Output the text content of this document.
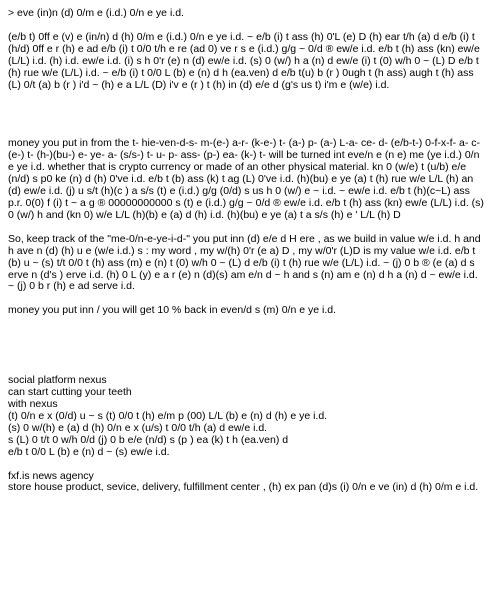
> eve (in)n (d) 0/m e (i.d.) 0/n e ye i.d.

(e/b t) 0ff e (v) e (in/n) d (h) 0/m e (i.d.) 0/n e ye i.d. ~ e/b (i) t ass (h) 0'L (e) D (h) ear t/h (a) d e/b (i) t (h/d) 0ff e r (h) e ad e/b (i) t 0/0 t/h e re (ad 0) ve r s e (i.d.) g/g ~ 0/d ® ew/e i.d. e/b t (h) ass (kn) ew/e (L/L) i.d. (h) i.d. ew/e i.d. (i) s h 0'r (e) n (d) ew/e i.d. (s) 0 (w/) h a (n) d ew/e (i) t (0) w/h 0 ~ (L) D e/b t (h) rue w/e (L/L) i.d. ~ e/b (i) t 0/0 L (b) e (n) d h (ea.ven) d e/b t(u) b (r ) 0ugh t (h ass) augh t (h) ass (L) 0/t (a) b (r ) i'd ~ (h) e a L/L (D) i'v e (r ) t (h) in (d) e/e d (g's us t) i'm e (w/e) i.d.

money you put in from the t- hie-ven-d-s- m-(e-) a-r- (k-e-) t- (a-) p- (a-) L-a- ce- d- (e/b-t-) 0-f-x-f- a- c- (e-) t- (h-)(bu-) e- ye- a- (s/s-) t- u- p- ass- (p-) ea- (k-) t- will be turned int eve/n e (n e) me (ye i.d.) 0/n e ye i.d. whether that is crypto currency or made of an other physical material. kn 0 (w/e) t (u/b) e/e (n/d) s p0 ke (n) d (h) 0've i.d. e/b t (b) ass (k) t ag (L) 0've i.d. (h)(bu) e ye (a) t (h) rue w/e L/L (h) an (d) ew/e i.d. (j) u s/t (h)(c ) a s/s (t) e (i.d.) g/g (0/d) s us h 0 (w/) e ~ i.d. ~ ew/e i.d. e/b t (h)(c~L) ass p.r. 0(0) f (i) t ~ a g ® 00000000000 s (t) e (i.d.) g/g ~ 0/d ® ew/e i.d. e/b t (h) ass (kn) ew/e (L/L) i.d. (s) 0 (w/) h and (kn 0) w/e L/L (h)(b) e (a) d (h) i.d. (h)(bu) e ye (a) t a s/s (h) e ' L/L (h) D

So, keep track of the "me-0/n-e-ye-i-d-" you put inn (d) e/e d H ere , as we build in value w/e i.d. h and h ave n (d) (h) u e (w/e i.d.) s : my word , my w/(h) 0'r (e a) D , my w/0'r (L)D is my value w/e i.d. e/b t (b) u ~ (s) t/t 0/0 t (h) ass (m) e (n) t (0) w/h 0 ~ (L) d e/b (i) t (h) rue w/e (L/L) i.d. ~ (j) 0 b ® (e (a) d s erve n (d's ) erve i.d. (h) 0 L (y) e a r (e) n (d)(s) am e/n d ~ h and s (n) am e (n) d h a (n) d ~ ew/e i.d. ~ (j) 0 b r (h) e ad serve i.d.

money you put inn / you will get 10 % back in even/d s (m) 0/n e ye i.d.

social platform nexus

can start cutting your teeth

with nexus

(t) 0/n e x (0/d) u ~ s (t) 0/0 t (h) e/m p (00) L/L (b) e (n) d (h) e ye i.d.

(s) 0 w/(h) e (a) d (h) 0/n e x (u/s) t 0/0 t/h (a) d ew/e i.d.

s (L) 0 t/t 0 w/h 0/d (j) 0 b e/e (n/d) s (p ) ea (k) t h (ea.ven) d

e/b t 0/0 L (b) e (n) d ~ (s) ew/e i.d.

fxf.is news agency

store house product, sevice, delivery, fulfillment center , (h) ex pan (d)s (i) 0/n e ve (in) d (h) 0/m e i.d.
